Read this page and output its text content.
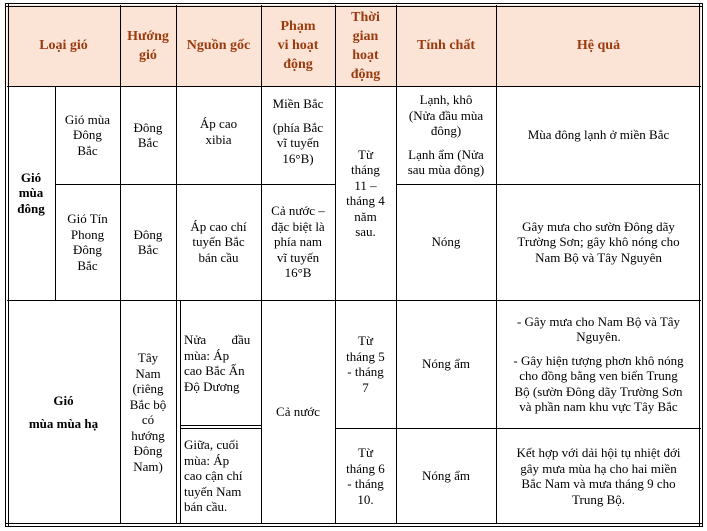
Loại gió
Hướng
gió
Nguồn gốc
Phạm
vi hoạt
động
Thời
gian
hoạt
động
Tính chất	Hệ quả
Gió
mùa
đông
Gió mùa
Đông
Bắc
Đông
Bắc
Áp cao
xibia
Miền Bắc
(phía Bắc
vĩ tuyến
16°B)	Từ
tháng
11 –
tháng 4
năm
sau.
Lạnh, khô
(Nửa đầu mùa
đông)
Lạnh ẩm (Nửa
sau mùa đông)
Mùa đông lạnh ở miền Bắc
Gió Tín
Phong
Đông
Bắc
Đông
Bắc
Áp cao chí
tuyến Bắc
bán cầu
Cả nước –
đặc biệt là
phía nam
vĩ tuyến
16°B
Nóng
Gây mưa cho sườn Đông dãy
Trường Sơn; gây khô nóng cho
Nam Bộ và Tây Nguyên
Gió
mùa mùa hạ
Tây
Nam
(riêng
Bắc bộ
có
hướng
Đông
Nam)
Nửa đầu
mùa: Áp
cao Bắc Ấn
Độ Dương
Giữa, cuối
mùa: Áp
cao cận chí
tuyến Nam
bán cầu.
Cả nước
Từ
tháng 5
- tháng
7
Từ
tháng 6
- tháng
10.
Nóng ẩm
Nóng ẩm
- Gây mưa cho Nam Bộ và Tây
Nguyên.
- Gây hiện tượng phơn khô nóng
cho đồng bằng ven biển Trung
Bộ (sườn Đông dãy Trường Sơn
và phần nam khu vực Tây Bắc
Kết hợp với dải hội tụ nhiệt đới
gây mưa mùa hạ cho hai miền
Bắc Nam và mưa tháng 9 cho
Trung Bộ.
